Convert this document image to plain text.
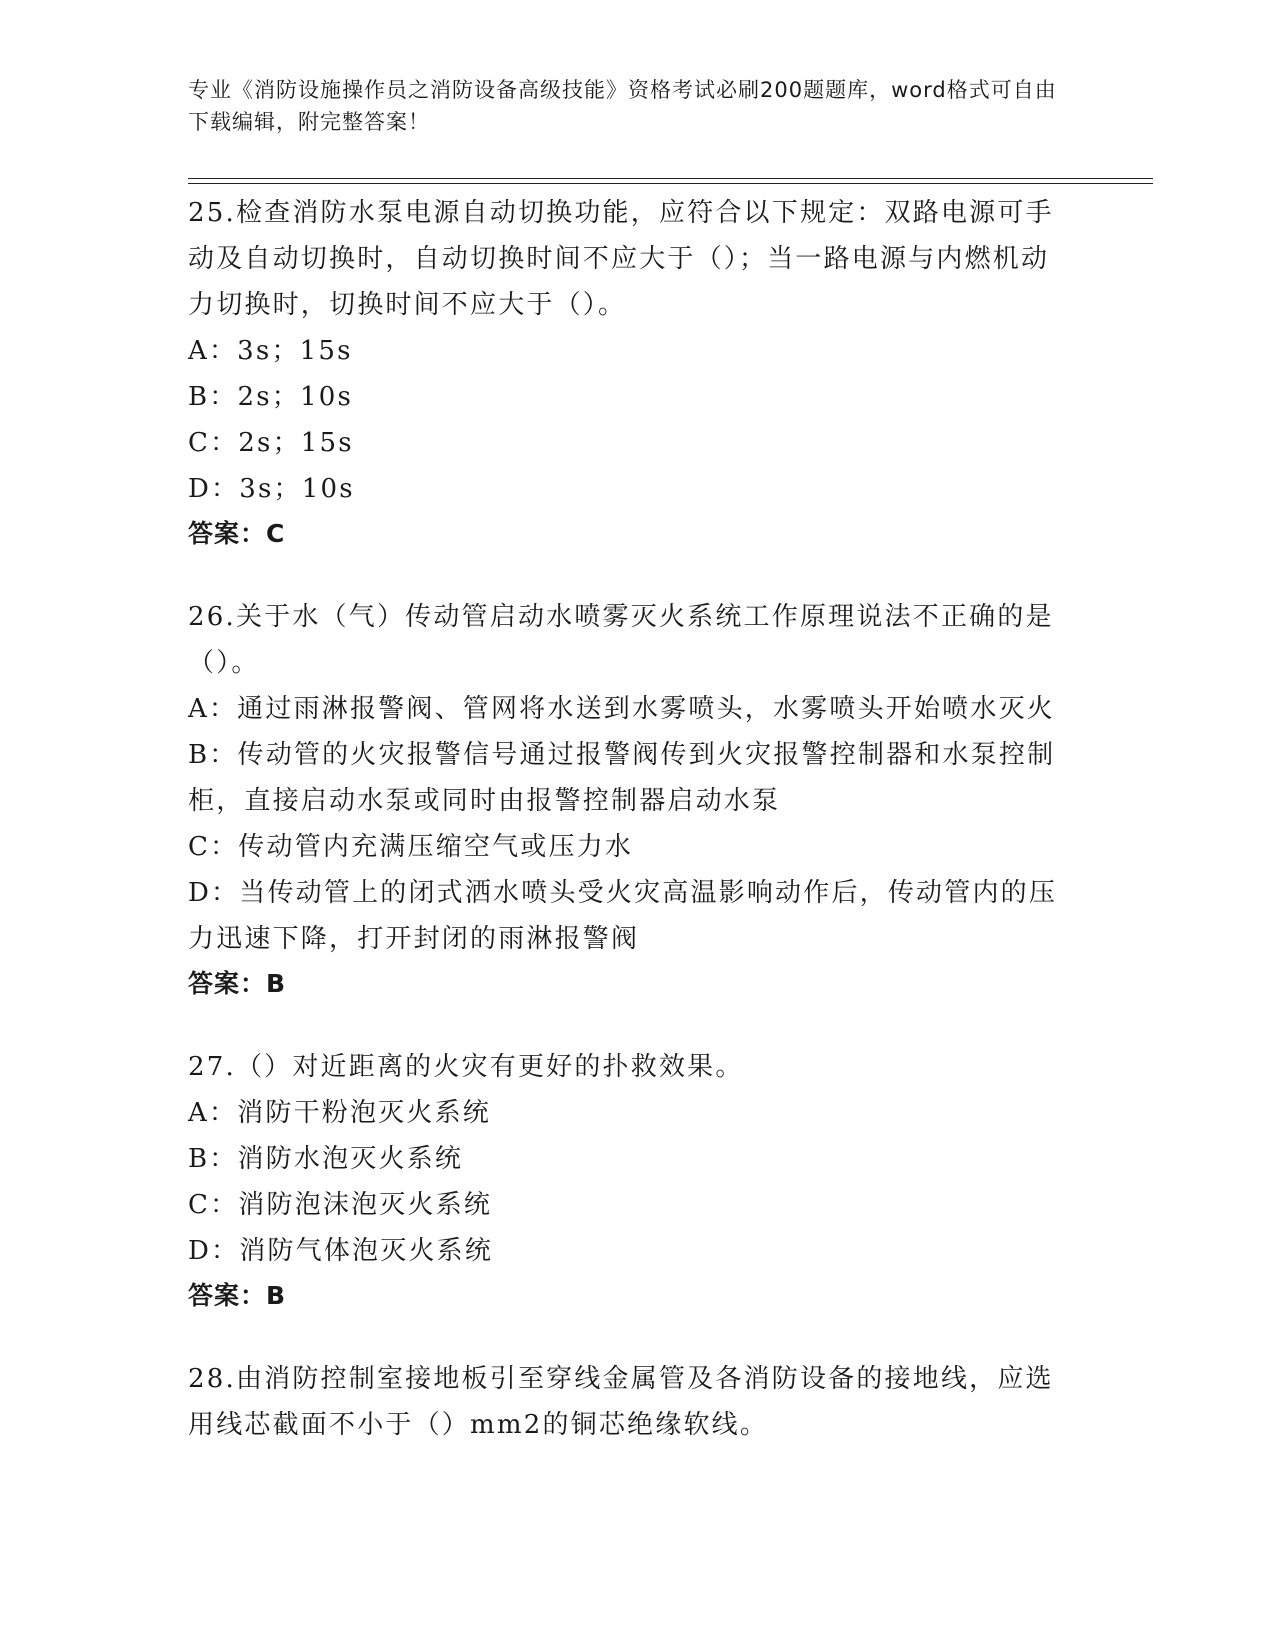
专业《消防设施操作员之消防设备高级技能》资格考试必刷200题题库，word格式可自由下载编辑，附完整答案！
25.检查消防水泵电源自动切换功能，应符合以下规定：双路电源可手动及自动切换时，自动切换时间不应大于（）；当一路电源与内燃机动力切换时，切换时间不应大于（）。
A：3s；15s
B：2s；10s
C：2s；15s
D：3s；10s
答案：C
26.关于水（气）传动管启动水喷雾灭火系统工作原理说法不正确的是（）。
A：通过雨淋报警阀、管网将水送到水雾喷头，水雾喷头开始喷水灭火
B：传动管的火灾报警信号通过报警阀传到火灾报警控制器和水泵控制柜，直接启动水泵或同时由报警控制器启动水泵
C：传动管内充满压缩空气或压力水
D：当传动管上的闭式洒水喷头受火灾高温影响动作后，传动管内的压力迅速下降，打开封闭的雨淋报警阀
答案：B
27.（）对近距离的火灾有更好的扑救效果。
A：消防干粉泡灭火系统
B：消防水泡灭火系统
C：消防泡沫泡灭火系统
D：消防气体泡灭火系统
答案：B
28.由消防控制室接地板引至穿线金属管及各消防设备的接地线，应选用线芯截面不小于（）mm2的铜芯绝缘软线。
